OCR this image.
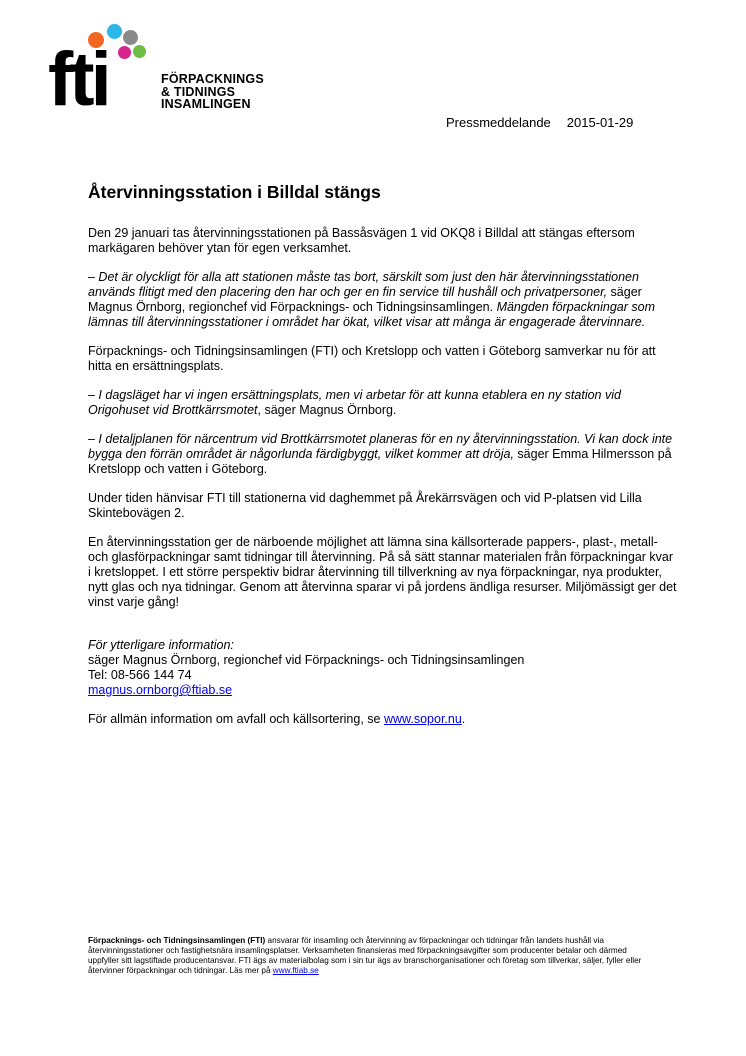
fti	FÖRPACKNINGS
& TIDNINGS
INSAMLINGEN
Pressmeddelande 2015-01-29
Återvinningsstation i Billdal stängs

Den 29 januari tas återvinningsstationen på Bassåsvägen 1 vid OKQ8 i Billdal att stängas eftersom markägaren behöver ytan för egen verksamhet.

– Det är olyckligt för alla att stationen måste tas bort, särskilt som just den här återvinningsstationen används flitigt med den placering den har och ger en fin service till hushåll och privatpersoner, säger Magnus Örnborg, regionchef vid Förpacknings- och Tidningsinsamlingen. Mängden förpackningar som lämnas till återvinningsstationer i området har ökat, vilket visar att många är engagerade återvinnare.

Förpacknings- och Tidningsinsamlingen (FTI) och Kretslopp och vatten i Göteborg samverkar nu för att hitta en ersättningsplats.

– I dagsläget har vi ingen ersättningsplats, men vi arbetar för att kunna etablera en ny station vid Origohuset vid Brottkärrsmotet, säger Magnus Örnborg.

– I detaljplanen för närcentrum vid Brottkärrsmotet planeras för en ny återvinningsstation. Vi kan dock inte bygga den förrän området är någorlunda färdigbyggt, vilket kommer att dröja, säger Emma Hilmersson på Kretslopp och vatten i Göteborg.

Under tiden hänvisar FTI till stationerna vid daghemmet på Årekärrsvägen och vid P-platsen vid Lilla Skintebovägen 2.

En återvinningsstation ger de närboende möjlighet att lämna sina källsorterade pappers-, plast-, metall- och glasförpackningar samt tidningar till återvinning. På så sätt stannar materialen från förpackningar kvar i kretsloppet. I ett större perspektiv bidrar återvinning till tillverkning av nya förpackningar, nya produkter, nytt glas och nya tidningar. Genom att återvinna sparar vi på jordens ändliga resurser. Miljömässigt ger det vinst varje gång!

För ytterligare information:
säger Magnus Örnborg, regionchef vid Förpacknings- och Tidningsinsamlingen
Tel: 08-566 144 74
magnus.ornborg@ftiab.se

För allmän information om avfall och källsortering, se www.sopor.nu.

Förpacknings- och Tidningsinsamlingen (FTI) ansvarar för insamling och återvinning av förpackningar och tidningar från landets hushåll via återvinningsstationer och fastighetsnära insamlingsplatser. Verksamheten finansieras med förpackningsavgifter som producenter betalar och därmed uppfyller sitt lagstiftade producentansvar. FTI ägs av materialbolag som i sin tur ägs av branschorganisationer och företag som tillverkar, säljer, fyller eller återvinner förpackningar och tidningar. Läs mer på www.ftiab.se
